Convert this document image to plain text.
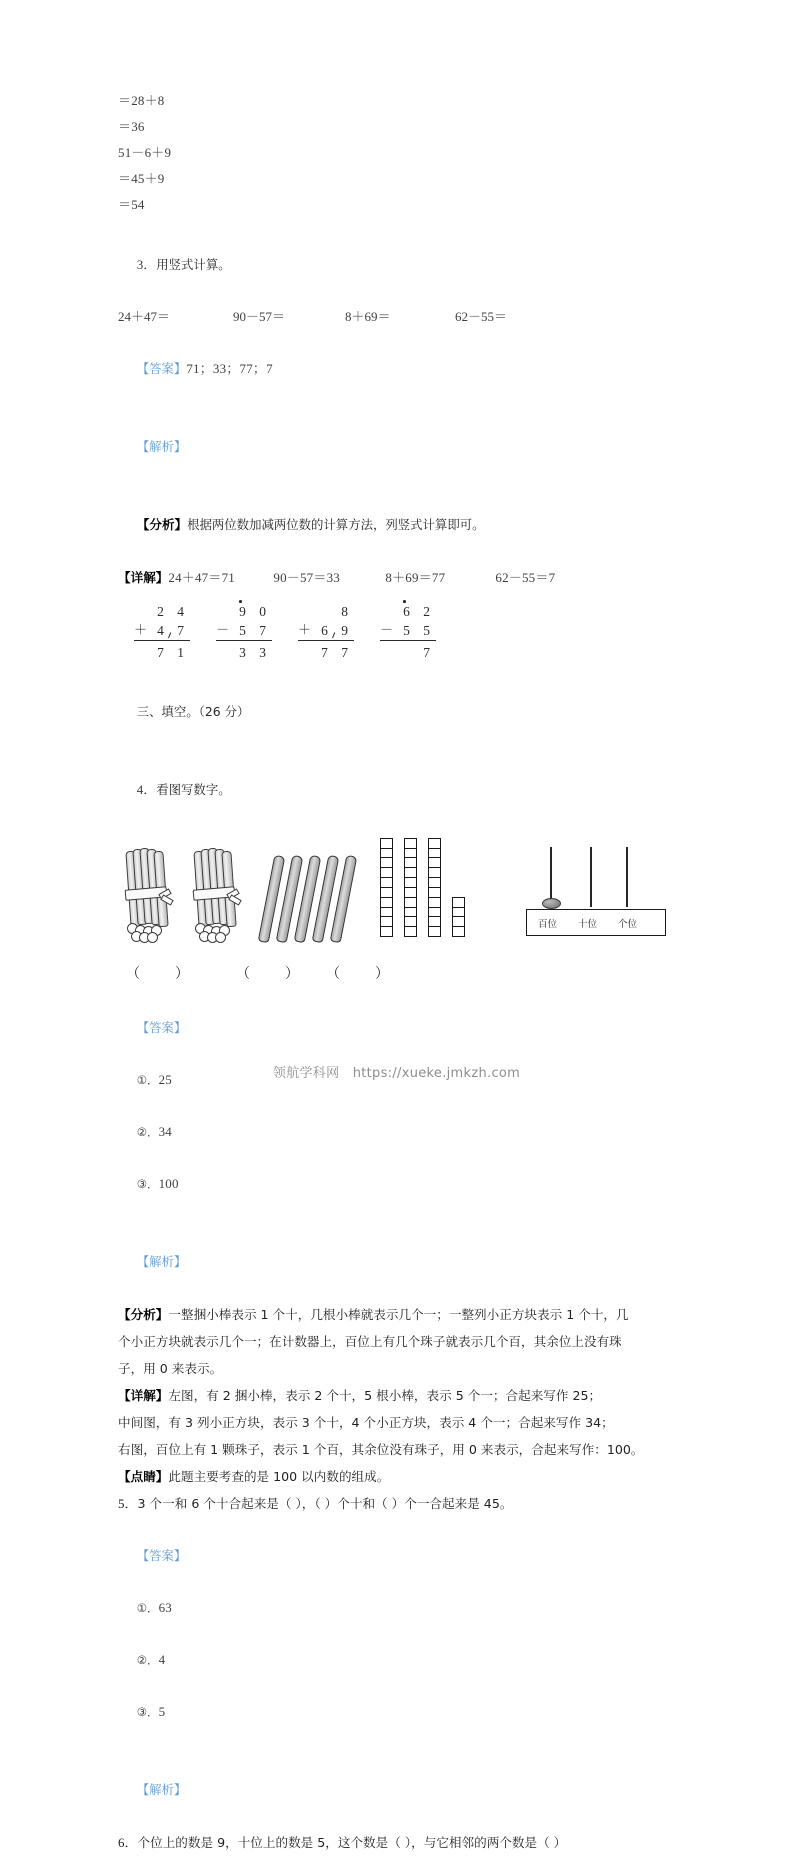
＝28＋8
＝36
51－6＋9
＝45＋9
＝54

3．用竖式计算。

24＋47＝	90－57＝	8＋69＝	62－55＝

【答案】71；33；77；7

【解析】

【分析】根据两位数加减两位数的计算方法，列竖式计算即可。

【详解】 24＋47＝71	90－57＝33	8＋69＝77	62－55＝7
2 4
＋ 4 7
7 1
9 0
－ 5 7
3 3
8
＋ 6 9
7 7
6 2
－ 5 5
7

三、填空。（26 分）

4．看图写数字。

百位 十位 个位
（          ）	（          ） （          ）

【答案】

①．25

②．34

③．100

【解析】

【分析】一整捆小棒表示 1 个十，几根小棒就表示几个一；一整列小正方块表示 1 个十，几
个小正方块就表示几个一；在计数器上，百位上有几个珠子就表示几个百，其余位上没有珠
子，用 0 来表示。
【详解】左图，有 2 捆小棒，表示 2 个十，5 根小棒，表示 5 个一；合起来写作 25；
中间图，有 3 列小正方块，表示 3 个十，4 个小正方块，表示 4 个一；合起来写作 34；
右图，百位上有 1 颗珠子，表示 1 个百，其余位没有珠子，用 0 来表示，合起来写作：100。
【点睛】此题主要考查的是 100 以内数的组成。
5．3 个一和 6 个十合起来是（ ），（ ）个十和（ ）个一合起来是 45。

【答案】

①．63

②．4

③．5

【解析】

6．个位上的数是 9，十位上的数是 5，这个数是（ ），与它相邻的两个数是（ ）
领航学科网 https://xueke.jmkzh.com
